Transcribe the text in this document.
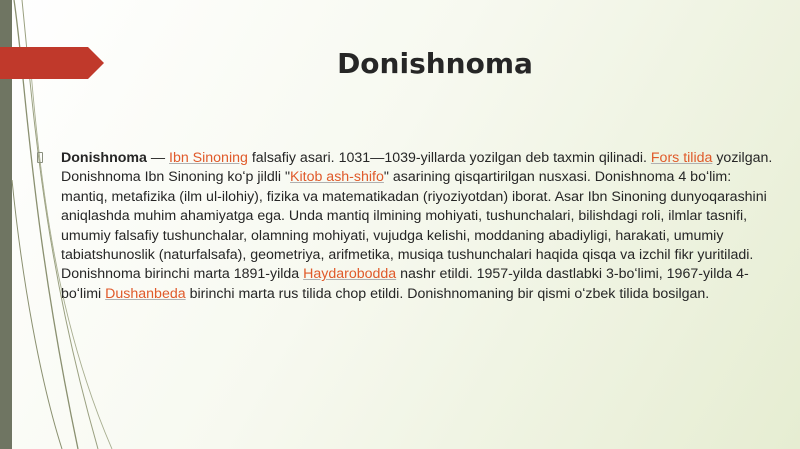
Donishnoma
Donishnoma — Ibn Sinoning falsafiy asari. 1031—1039-yillarda yozilgan deb taxmin qilinadi. Fors tilida yozilgan. Donishnoma Ibn Sinoning koʻp jildli "Kitob ash-shifo" asarining qisqartirilgan nusxasi. Donishnoma 4 boʻlim: mantiq, metafizika (ilm ul-ilohiy), fizika va matematikadan (riyoziyotdan) iborat. Asar Ibn Sinoning dunyoqarashini aniqlashda muhim ahamiyatga ega. Unda mantiq ilmining mohiyati, tushunchalari, bilishdagi roli, ilmlar tasnifi, umumiy falsafiy tushunchalar, olamning mohiyati, vujudga kelishi, moddaning abadiyligi, harakati, umumiy tabiatshunoslik (naturfalsafa), geometriya, arifmetika, musiqa tushunchalari haqida qisqa va izchil fikr yuritiladi. Donishnoma birinchi marta 1891-yilda Haydarobodda nashr etildi. 1957-yilda dastlabki 3-boʻlimi, 1967-yilda 4-boʻlimi Dushanbeda birinchi marta rus tilida chop etildi. Donishnomaning bir qismi oʻzbek tilida bosilgan.
